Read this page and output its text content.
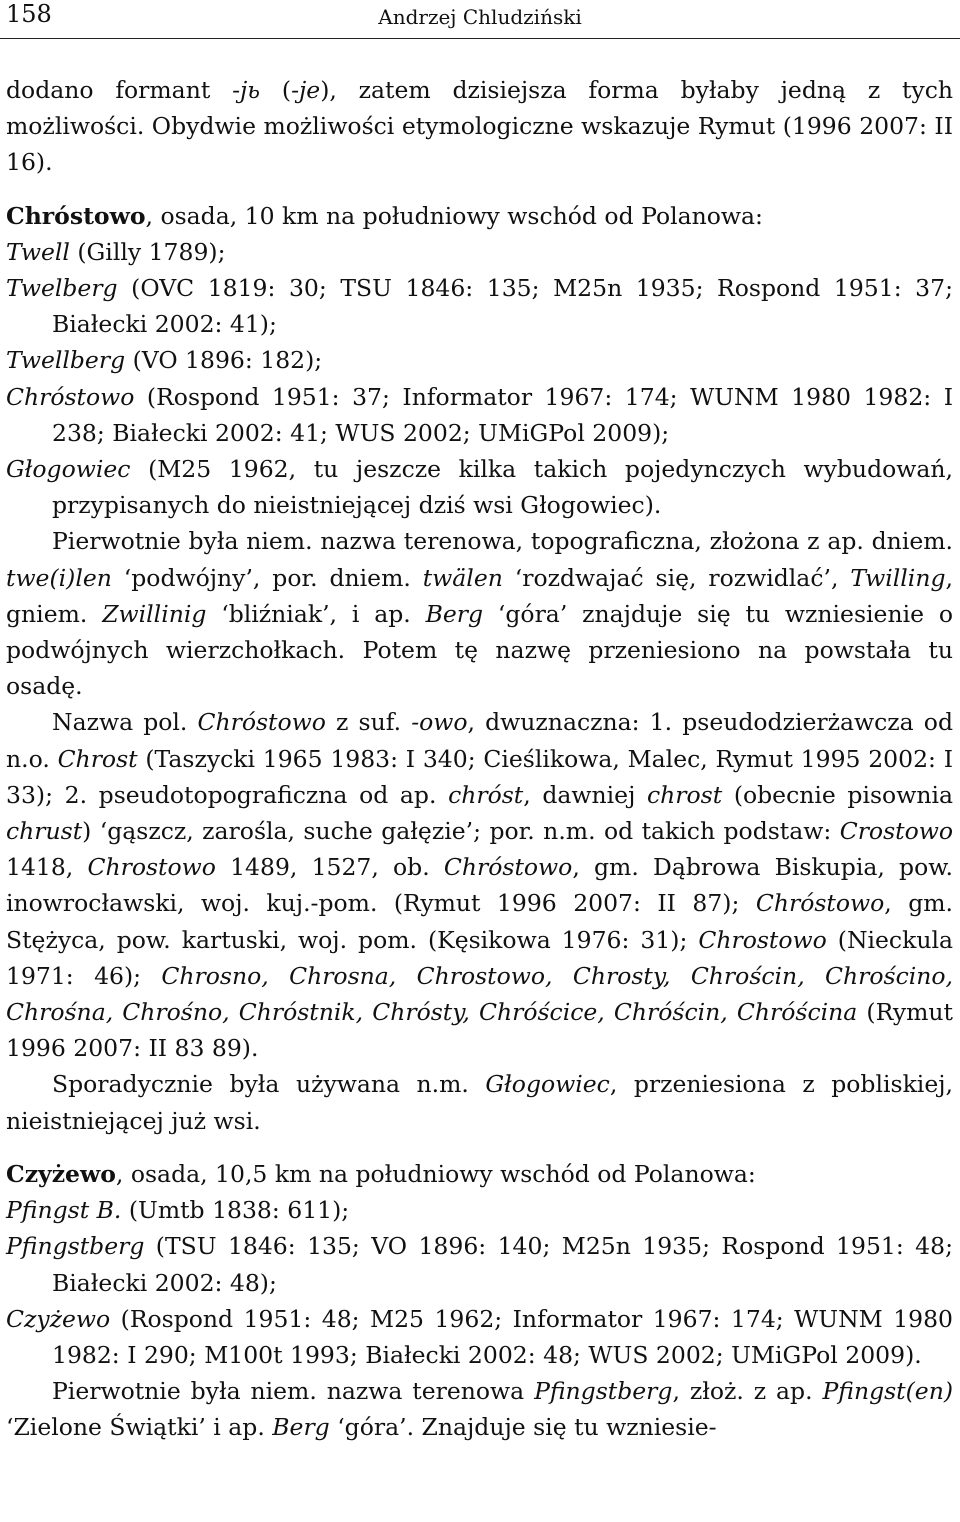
158	Andrzej Chludziński

dodano formant -jь (-je), zatem dzisiejsza forma byłaby jedną z tych możliwości. Obydwie możliwości etymologiczne wskazuje Rymut (1996 2007: II 16).

Chróstowo, osada, 10 km na południowy wschód od Polanowa:

Twell (Gilly 1789);

Twelberg (OVC 1819: 30; TSU 1846: 135; M25n 1935; Rospond 1951: 37; Białecki 2002: 41);

Twellberg (VO 1896: 182);

Chróstowo (Rospond 1951: 37; Informator 1967: 174; WUNM 1980 1982: I 238; Białecki 2002: 41; WUS 2002; UMiGPol 2009);

Głogowiec (M25 1962, tu jeszcze kilka takich pojedynczych wybudowań, przypisanych do nieistniejącej dziś wsi Głogowiec).

Pierwotnie była niem. nazwa terenowa, topograficzna, złożona z ap. dniem. twe(i)len ‘podwójny’, por. dniem. twälen ‘rozdwajać się, rozwidlać’, Twilling, gniem. Zwillinig ‘bliźniak’, i ap. Berg ‘góra’ znajduje się tu wzniesienie o podwójnych wierzchołkach. Potem tę nazwę przeniesiono na powstała tu osadę.

Nazwa pol. Chróstowo z suf. -owo, dwuznaczna: 1. pseudodzierżawcza od n.o. Chrost (Taszycki 1965 1983: I 340; Cieślikowa, Malec, Rymut 1995 2002: I 33); 2. pseudotopograficzna od ap. chróst, dawniej chrost (obecnie pisownia chrust) ‘gąszcz, zarośla, suche gałęzie’; por. n.m. od takich podstaw: Crostowo 1418, Chrostowo 1489, 1527, ob. Chróstowo, gm. Dąbrowa Biskupia, pow. inowrocławski, woj. kuj.-pom. (Rymut 1996 2007: II 87); Chróstowo, gm. Stężyca, pow. kartuski, woj. pom. (Kęsikowa 1976: 31); Chrostowo (Nieckula 1971: 46); Chrosno, Chrosna, Chrostowo, Chrosty, Chrościn, Chrościno, Chrośna, Chrośno, Chróstnik, Chrósty, Chróścice, Chróścin, Chróścina (Rymut 1996 2007: II 83 89).

Sporadycznie była używana n.m. Głogowiec, przeniesiona z pobliskiej, nieistniejącej już wsi.

Czyżewo, osada, 10,5 km na południowy wschód od Polanowa:

Pfingst B. (Umtb 1838: 611);

Pfingstberg (TSU 1846: 135; VO 1896: 140; M25n 1935; Rospond 1951: 48; Białecki 2002: 48);

Czyżewo (Rospond 1951: 48; M25 1962; Informator 1967: 174; WUNM 1980 1982: I 290; M100t 1993; Białecki 2002: 48; WUS 2002; UMiGPol 2009).

Pierwotnie była niem. nazwa terenowa Pfingstberg, złoż. z ap. Pfingst(en) ‘Zielone Świątki’ i ap. Berg ‘góra’. Znajduje się tu wzniesie-
